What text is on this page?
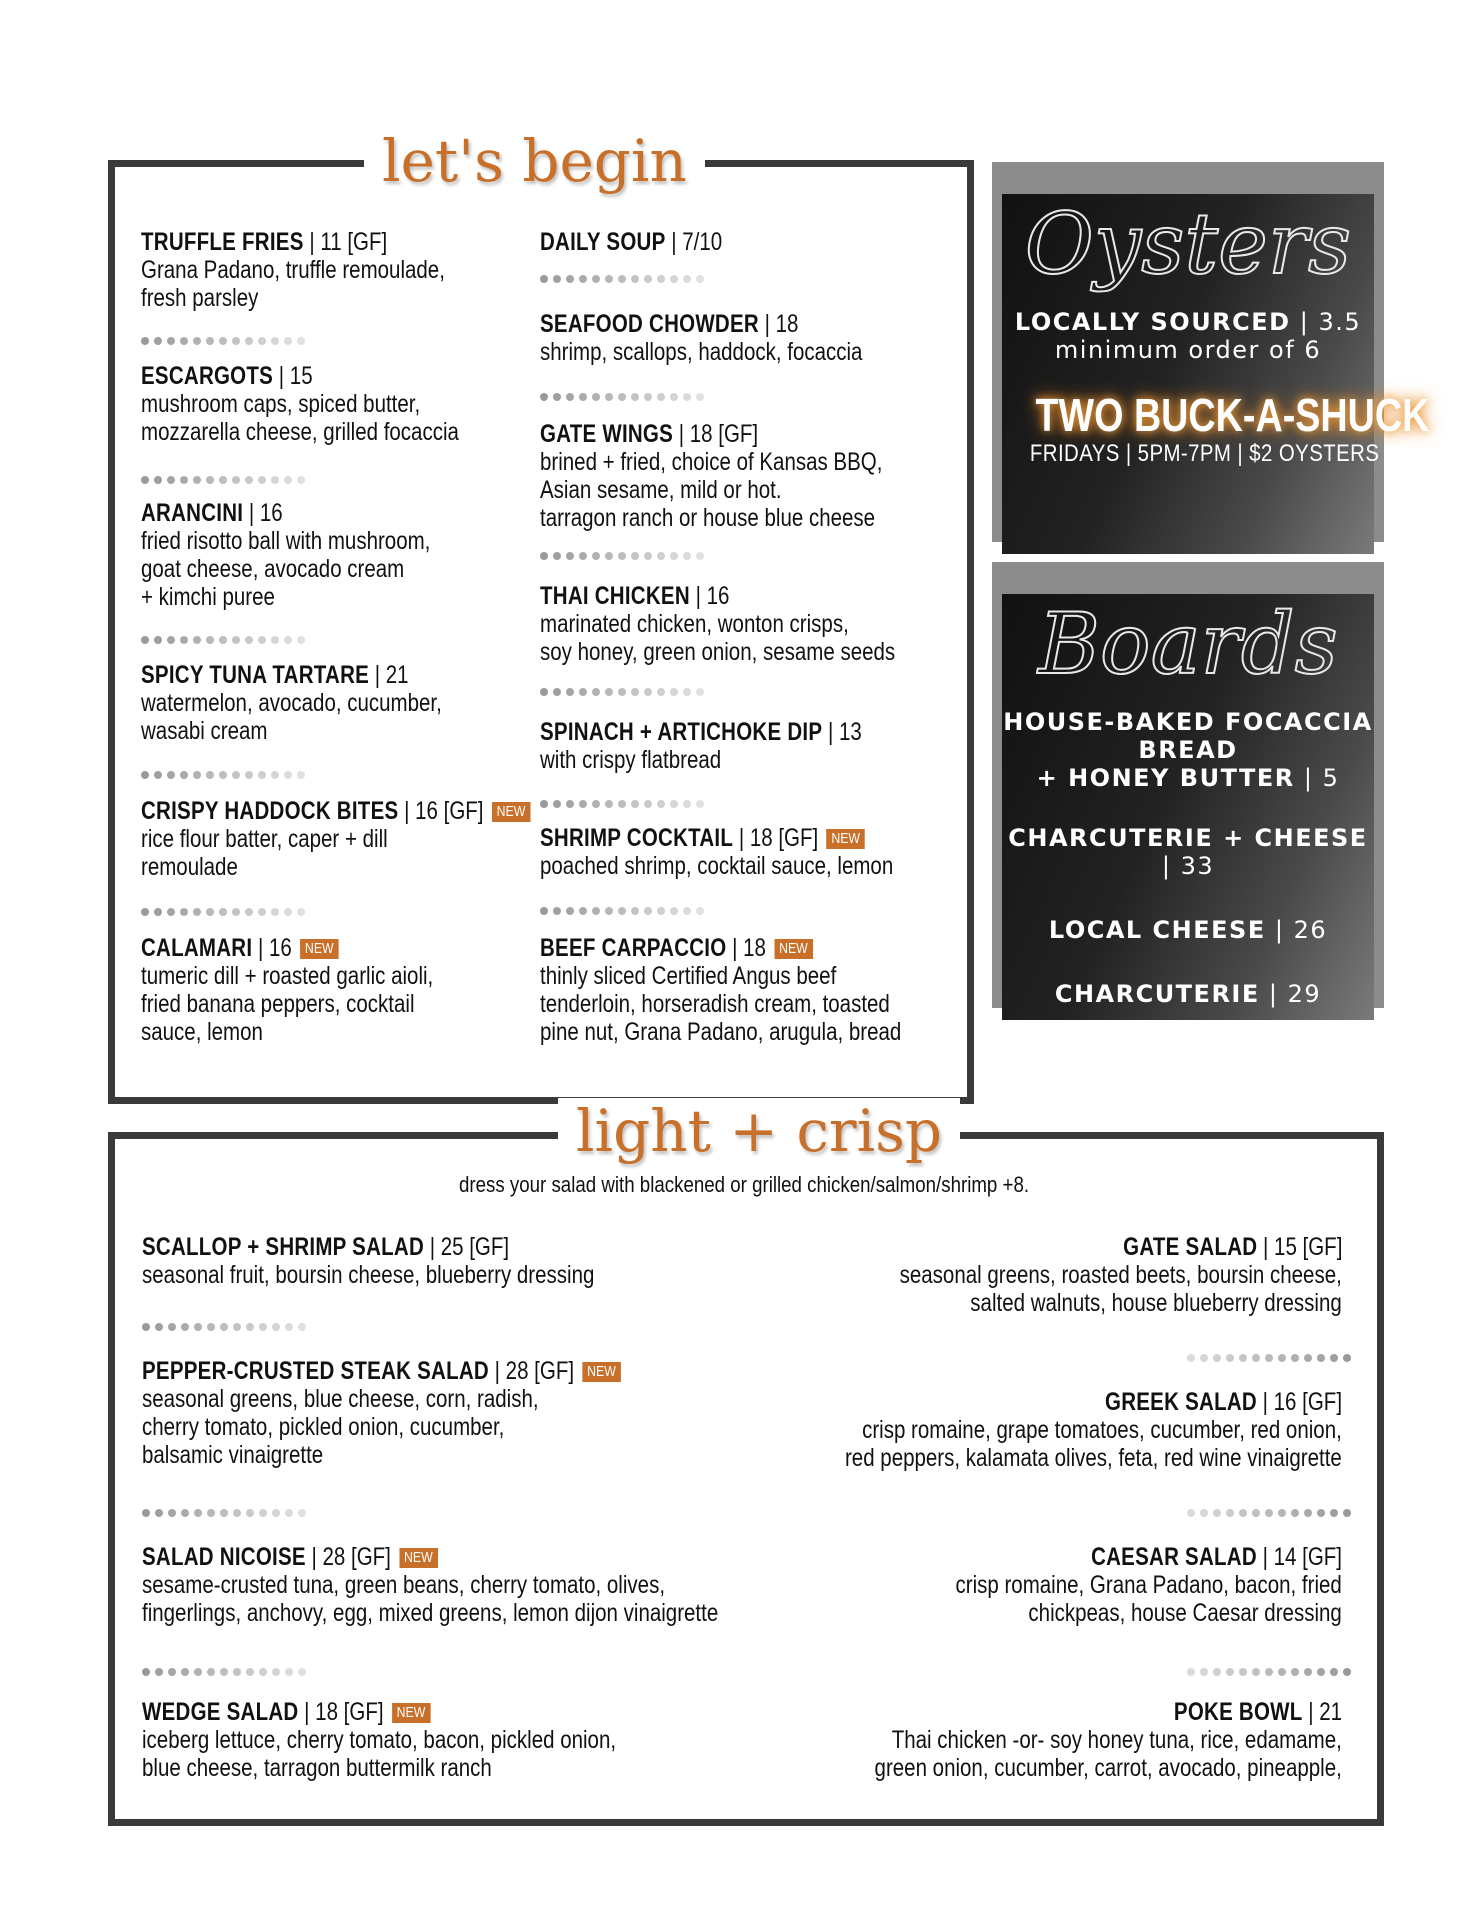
let's begin
Oysters
LOCALLY SOURCED | 3.5
minimum order of 6
TWO BUCK-A-SHUCK
FRIDAYS | 5PM-7PM | $2 OYSTERS
Boards
HOUSE-BAKED FOCACCIA BREAD
+ HONEY BUTTER | 5
CHARCUTERIE + CHEESE | 33
LOCAL CHEESE | 26
CHARCUTERIE | 29
light + crisp
dress your salad with blackened or grilled chicken/salmon/shrimp +8.
TRUFFLE FRIES | 11 [GF]
Grana Padano, truffle remoulade,
fresh parsley
ESCARGOTS | 15
mushroom caps, spiced butter,
mozzarella cheese, grilled focaccia
ARANCINI | 16
fried risotto ball with mushroom,
goat cheese, avocado cream
+ kimchi puree
SPICY TUNA TARTARE | 21
watermelon, avocado, cucumber,
wasabi cream
CRISPY HADDOCK BITES | 16 [GF] NEW
rice flour batter, caper + dill
remoulade
CALAMARI | 16 NEW
tumeric dill + roasted garlic aioli,
fried banana peppers, cocktail
sauce, lemon
DAILY SOUP | 7/10
SEAFOOD CHOWDER | 18
shrimp, scallops, haddock, focaccia
GATE WINGS | 18 [GF]
brined + fried, choice of Kansas BBQ,
Asian sesame, mild or hot.
tarragon ranch or house blue cheese
THAI CHICKEN | 16
marinated chicken, wonton crisps,
soy honey, green onion, sesame seeds
SPINACH + ARTICHOKE DIP | 13
with crispy flatbread
SHRIMP COCKTAIL | 18 [GF] NEW
poached shrimp, cocktail sauce, lemon
BEEF CARPACCIO | 18 NEW
thinly sliced Certified Angus beef
tenderloin, horseradish cream, toasted
pine nut, Grana Padano, arugula, bread
SCALLOP + SHRIMP SALAD | 25 [GF]
seasonal fruit, boursin cheese, blueberry dressing
PEPPER-CRUSTED STEAK SALAD | 28 [GF] NEW
seasonal greens, blue cheese, corn, radish,
cherry tomato, pickled onion, cucumber,
balsamic vinaigrette
SALAD NICOISE | 28 [GF] NEW
sesame-crusted tuna, green beans, cherry tomato, olives,
fingerlings, anchovy, egg, mixed greens, lemon dijon vinaigrette
WEDGE SALAD | 18 [GF] NEW
iceberg lettuce, cherry tomato, bacon, pickled onion,
blue cheese, tarragon buttermilk ranch
GATE SALAD | 15 [GF]
seasonal greens, roasted beets, boursin cheese,
salted walnuts, house blueberry dressing
GREEK SALAD | 16 [GF]
crisp romaine, grape tomatoes, cucumber, red onion,
red peppers, kalamata olives, feta, red wine vinaigrette
CAESAR SALAD | 14 [GF]
crisp romaine, Grana Padano, bacon, fried
chickpeas, house Caesar dressing
POKE BOWL | 21
Thai chicken -or- soy honey tuna, rice, edamame,
green onion, cucumber, carrot, avocado, pineapple,
